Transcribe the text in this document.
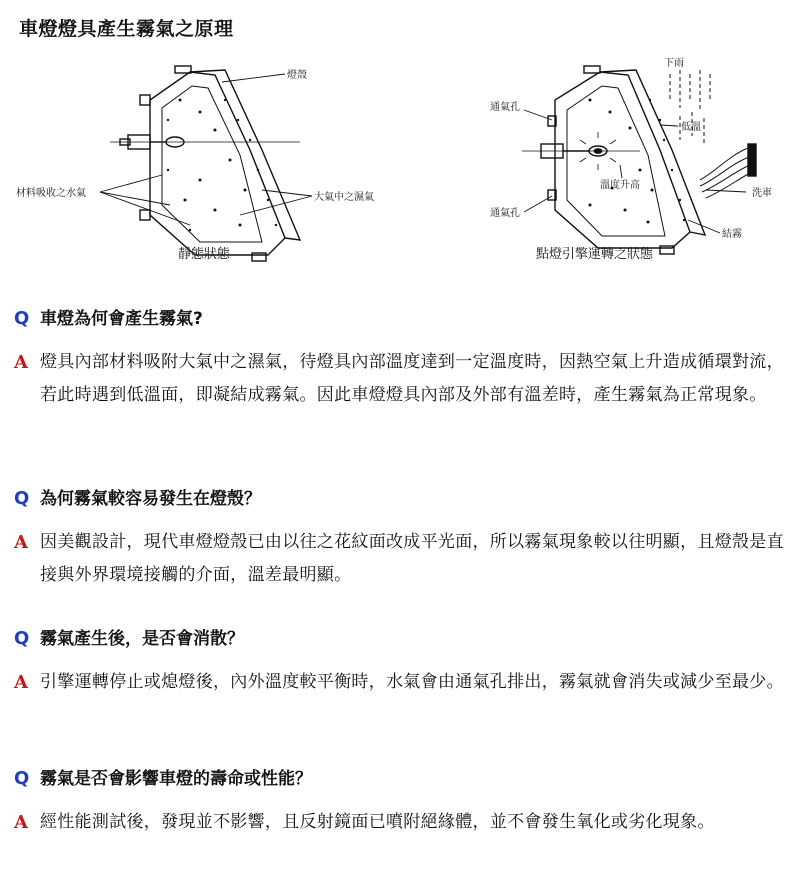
車燈燈具產生霧氣之原理
燈殼
材料吸收之水氣	大氣中之濕氣
靜態狀態
下雨
通氣孔
低溫
洗車
溫度升高
通氣孔
結霧
點燈引擎運轉之狀態
Q 車燈為何會產生霧氣?
A 燈具內部材料吸附大氣中之濕氣，待燈具內部溫度達到一定溫度時，因熱空氣上升造成循環對流，若此時遇到低溫面，即凝結成霧氣。因此車燈燈具內部及外部有溫差時，產生霧氣為正常現象。
Q 為何霧氣較容易發生在燈殼？
A 因美觀設計，現代車燈燈殼已由以往之花紋面改成平光面，所以霧氣現象較以往明顯，且燈殼是直接與外界環境接觸的介面，溫差最明顯。
Q 霧氣產生後，是否會消散？
A 引擎運轉停止或熄燈後，內外溫度較平衡時，水氣會由通氣孔排出，霧氣就會消失或減少至最少。
Q 霧氣是否會影響車燈的壽命或性能？
A 經性能測試後，發現並不影響，且反射鏡面已噴附絕緣體，並不會發生氧化或劣化現象。
